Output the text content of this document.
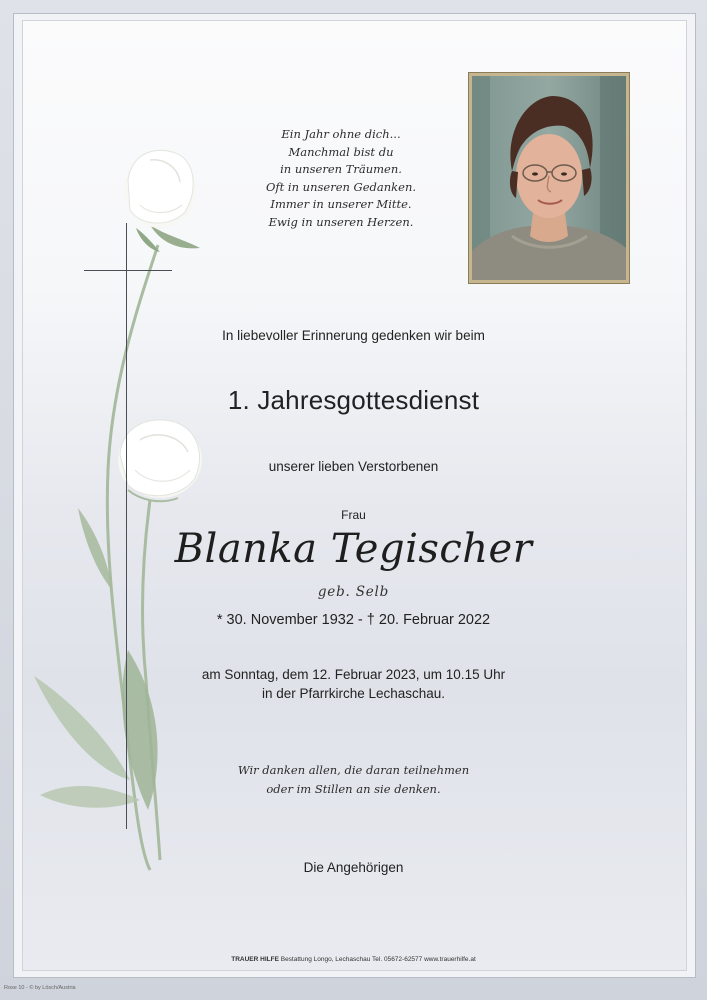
Ein Jahr ohne dich...
Manchmal bist du
in unseren Träumen.
Oft in unseren Gedanken.
Immer in unserer Mitte.
Ewig in unseren Herzen.
In liebevoller Erinnerung gedenken wir beim
1. Jahresgottesdienst
unserer lieben Verstorbenen
Frau
Blanka Tegischer
geb. Selb
* 30. November 1932 - † 20. Februar 2022
am Sonntag, dem 12. Februar 2023, um 10.15 Uhr
in der Pfarrkirche Lechaschau.
Wir danken allen, die daran teilnehmen
oder im Stillen an sie denken.
Die Angehörigen
TRAUER HILFE Bestattung Longo, Lechaschau Tel. 05672-62577 www.trauerhilfe.at
Rose 10 - © by Lösch/Austria
